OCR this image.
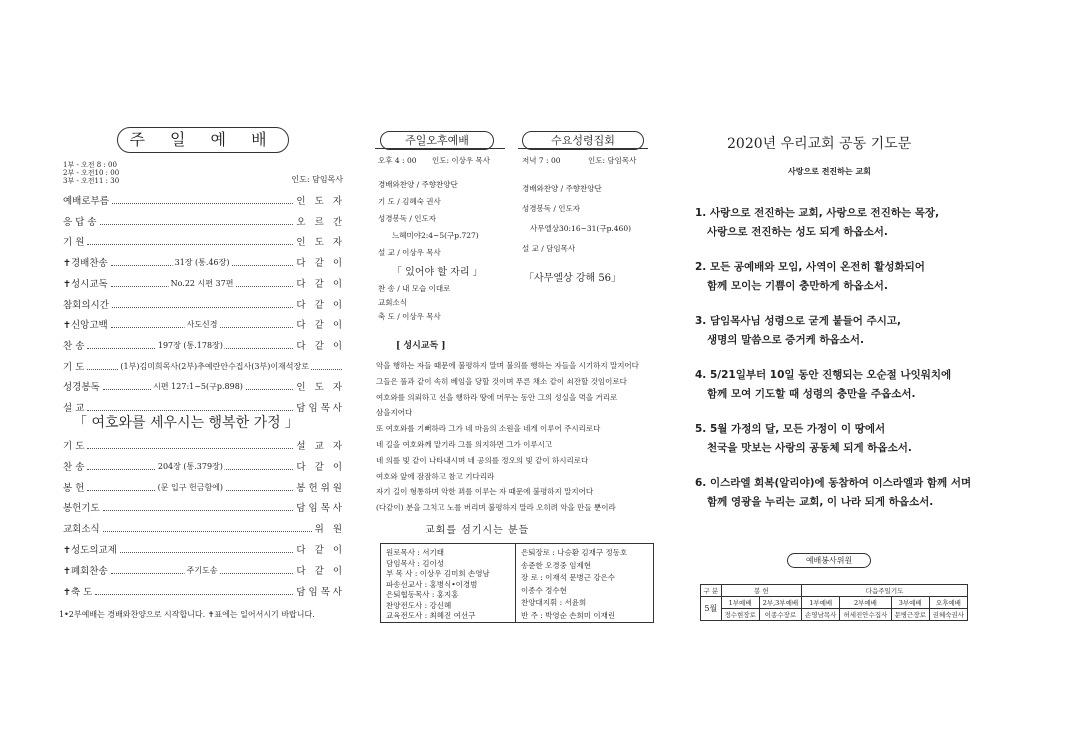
주 일 예 배
1부 - 오전 8 : 00
2부 - 오전10 : 00
3부 - 오전11 : 30	인도: 담임목사
예배로부름	인 도 자
응 답 송	오 르 간
기 원	인 도 자
✝경배찬송	31장 (통.46장)	다 같 이
✝성시교독	No.22 시편 37편	다 같 이
참회의시간	다 같 이
✝신앙고백	사도신경	다 같 이
찬 송	197장 (통.178장)	다 같 이
기 도	(1부)김미희목사(2부)추예란안수집사(3부)이재석장로
성경봉독	시편 127:1~5(구p.898)	인 도 자
설 교	담임목사
「 여호와를 세우시는 행복한 가정 」
기 도	설 교 자
찬 송	204장 (통.379장)	다 같 이
봉 헌	(문 입구 헌금함에)	봉헌위원
봉헌기도	담임목사
교회소식	위 원
✝성도의교제	다 같 이
✝폐회찬송	주기도송	다 같 이
✝축 도	담임목사
1•2부예배는 경배와찬양으로 시작합니다. ✝표에는 일어서시기 바랍니다.
주일오후예배	수요성령집회
오후 4 : 00 인도: 이상우 목사
경배와찬양 / 주향찬양단
기 도 / 김혜숙 권사
성경봉독 / 인도자
느헤미야2:4~5(구p.727)
설 교 / 이상우 목사
「 있어야 할 자리 」
찬 송 / 내 모습 이대로
교회소식
축 도 / 이상우 목사
저녁 7 : 00	인도: 담임목사
경배와찬양 / 주향찬양단
성경봉독 / 인도자
사무엘상30:16~31(구p.460)
설 교 / 담임목사
「사무엘상 강해 56」
[ 성시교독 ]
악을 행하는 자들 때문에 불평하지 말며 불의를 행하는 자들을 시기하지 말지어다
그들은 풀과 같이 속히 베임을 당할 것이며 푸른 채소 같이 쇠잔할 것임이로다
여호와를 의뢰하고 선을 행하라 땅에 머무는 동안 그의 성실을 먹을 거리로
삼을지어다
또 여호와를 기뻐하라 그가 네 마음의 소원을 네게 이루어 주시리로다
네 길을 여호와께 맡기라 그를 의지하면 그가 이루시고
네 의를 빛 같이 나타내시며 네 공의를 정오의 빛 같이 하시리로다
여호와 앞에 잠잠하고 참고 기다리라
자기 길이 형통하며 악한 꾀를 이루는 자 때문에 불평하지 말지어다
(다같이) 분을 그치고 노를 버리며 불평하지 말라 오히려 악을 만들 뿐이라
교회를 섬기시는 분들
원로목사 : 서기태
담임목사 : 김이성
부 목 사 : 이상우 김미희 손영남
파송선교사 : 홍병식•이경범
은퇴협동목사 : 홍지홍
찬양전도사 : 강신혜
교육전도사 : 최혜진 여선구
은퇴장로 : 나승환 김재구 정동호
송준한 오경중 임제현
장 로 : 이재석 문병근 강은수
이종수 정수현
찬양대지휘 : 서윤희
반 주 : 박영순 손희미 이재린
2020년 우리교회 공동 기도문
사랑으로 전진하는 교회
1. 사랑으로 전진하는 교회, 사랑으로 전진하는 목장,
사랑으로 전진하는 성도 되게 하옵소서.
2. 모든 공예배와 모임, 사역이 온전히 활성화되어
함께 모이는 기쁨이 충만하게 하옵소서.
3. 담임목사님 성령으로 굳게 붙들어 주시고,
생명의 말씀으로 증거케 하옵소서.
4. 5/21일부터 10일 동안 진행되는 오순절 나잇워치에
함께 모여 기도할 때 성령의 충만을 주옵소서.
5. 5월 가정의 달, 모든 가정이 이 땅에서
천국을 맛보는 사랑의 공동체 되게 하옵소서.
6. 이스라엘 회복(알리야)에 동참하여 이스라엘과 함께 서며
함께 영광을 누리는 교회, 이 나라 되게 하옵소서.
예배봉사위원
구 분	봉 헌		다음주일기도			
5월	1부예배	2부,3부예배	1부예배	2부예배	3부예배	오후예배
	정수현장로	이종수장로	손영남목사	허세진안수집사	문병근장로	권혜숙권사
